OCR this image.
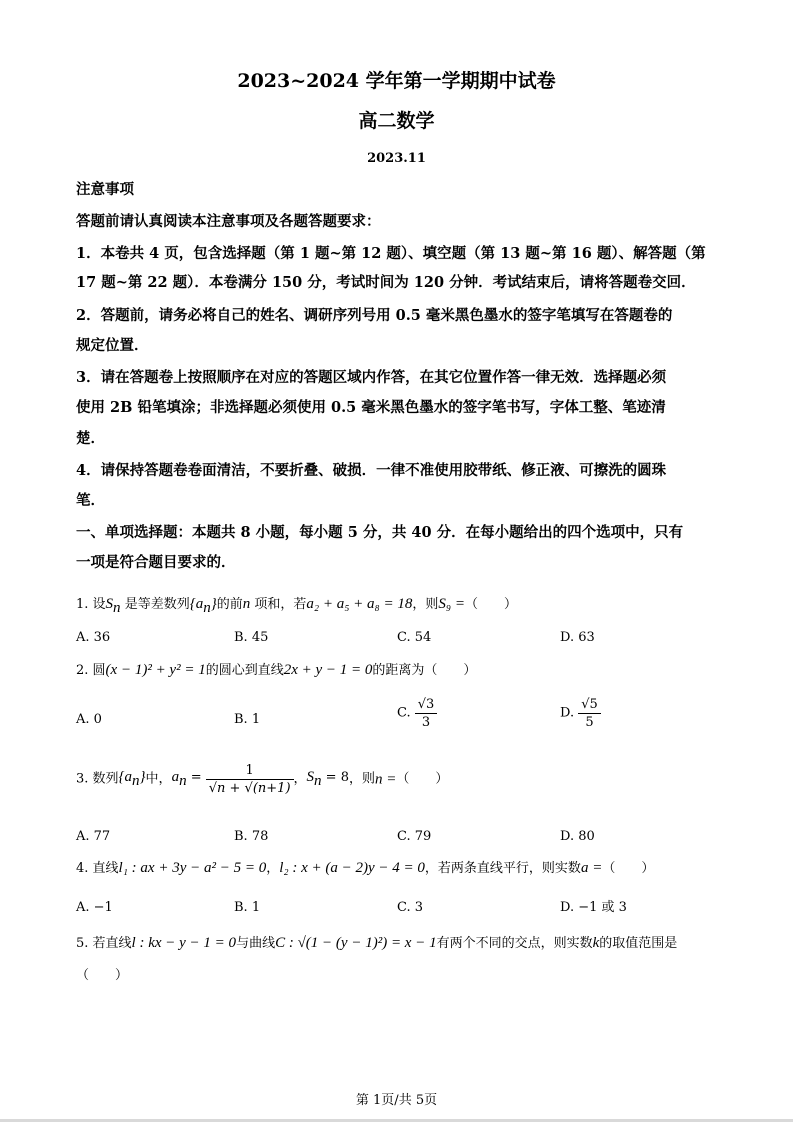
2023~2024 学年第一学期期中试卷
高二数学
2023.11
注意事项
答题前请认真阅读本注意事项及各题答题要求：
1．本卷共 4 页，包含选择题（第 1 题~第 12 题）、填空题（第 13 题~第 16 题）、解答题（第
17 题~第 22 题）．本卷满分 150 分，考试时间为 120 分钟．考试结束后，请将答题卷交回．
2．答题前，请务必将自己的姓名、调研序列号用 0.5 毫米黑色墨水的签字笔填写在答题卷的
规定位置．
3．请在答题卷上按照顺序在对应的答题区域内作答，在其它位置作答一律无效．选择题必须
使用 2B 铅笔填涂；非选择题必须使用 0.5 毫米黑色墨水的签字笔书写，字体工整、笔迹清
楚．
4．请保持答题卷卷面清洁，不要折叠、破损．一律不准使用胶带纸、修正液、可擦洗的圆珠
笔．
一、单项选择题：本题共 8 小题，每小题 5 分，共 40 分．在每小题给出的四个选项中，只有
一项是符合题目要求的．
1. 设$S_n$ 是等差数列$\{a_n\}$的前n 项和，若a₂ + a₅ + a₈ = 18，则S₉ =（　　）
A. 36	B. 45	C. 54	D. 63
2. 圆(x − 1)² + y² = 1的圆心到直线2x + y − 1 = 0的距离为（　　）
A. 0	B. 1	C. $\frac{√3}{3}$	D. $\frac{√5}{5}$
3. 数列$\{a_n\}$中，$a_n = \frac{1}{√n + √(n+1)}$ ，$S_n = 8$，则n =（　　）
A. 77	B. 78	C. 79	D. 80
4. 直线l₁ : ax + 3y − a² − 5 = 0，l₂ : x + (a − 2)y − 4 = 0，若两条直线平行，则实数a =（　　）
A. −1	B. 1	C. 3	D. −1 或 3
5. 若直线l : kx − y − 1 = 0与曲线C : √(1 − (y − 1)²) = x − 1有两个不同的交点，则实数k的取值范围是
（　　）
第 1页/共 5页
